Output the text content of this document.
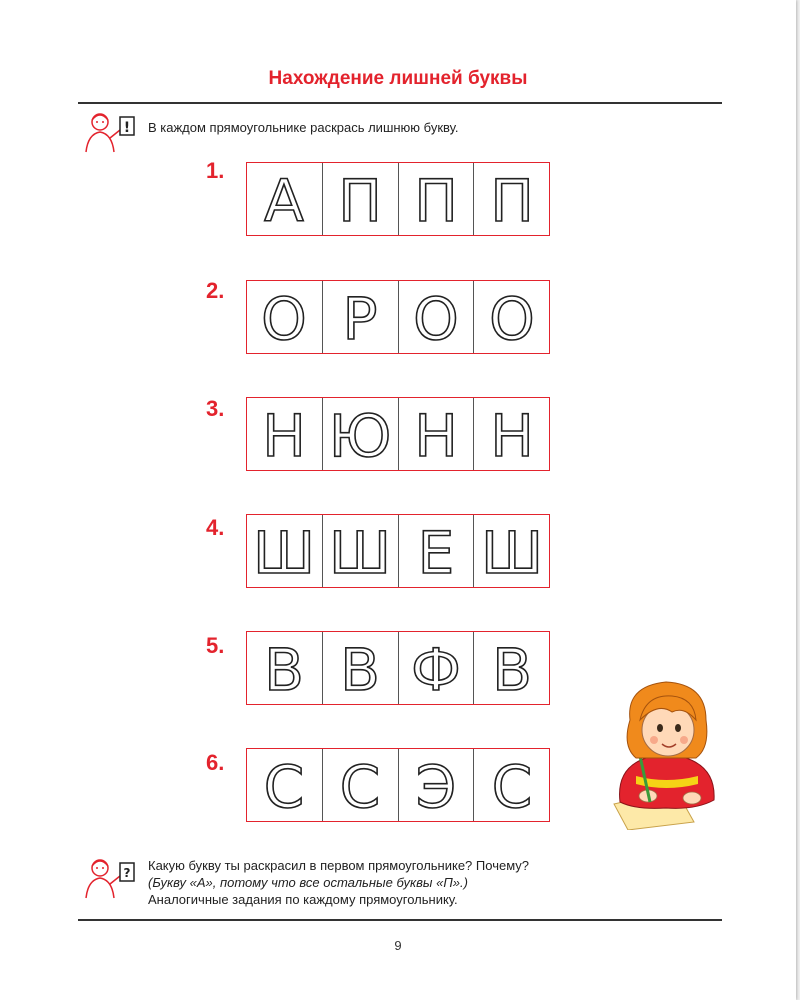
Нахождение лишней буквы
! В каждом прямоугольнике раскрась лишнюю букву.
1. А П П П
2. О Р О О
3. Н Ю Н Н
4. Ш Ш Е Ш
5. В В Ф В
6. С С Э С
? Какую букву ты раскрасил в первом прямоугольнике? Почему?
(Букву «А», потому что все остальные буквы «П».)
Аналогичные задания по каждому прямоугольнику.
9
